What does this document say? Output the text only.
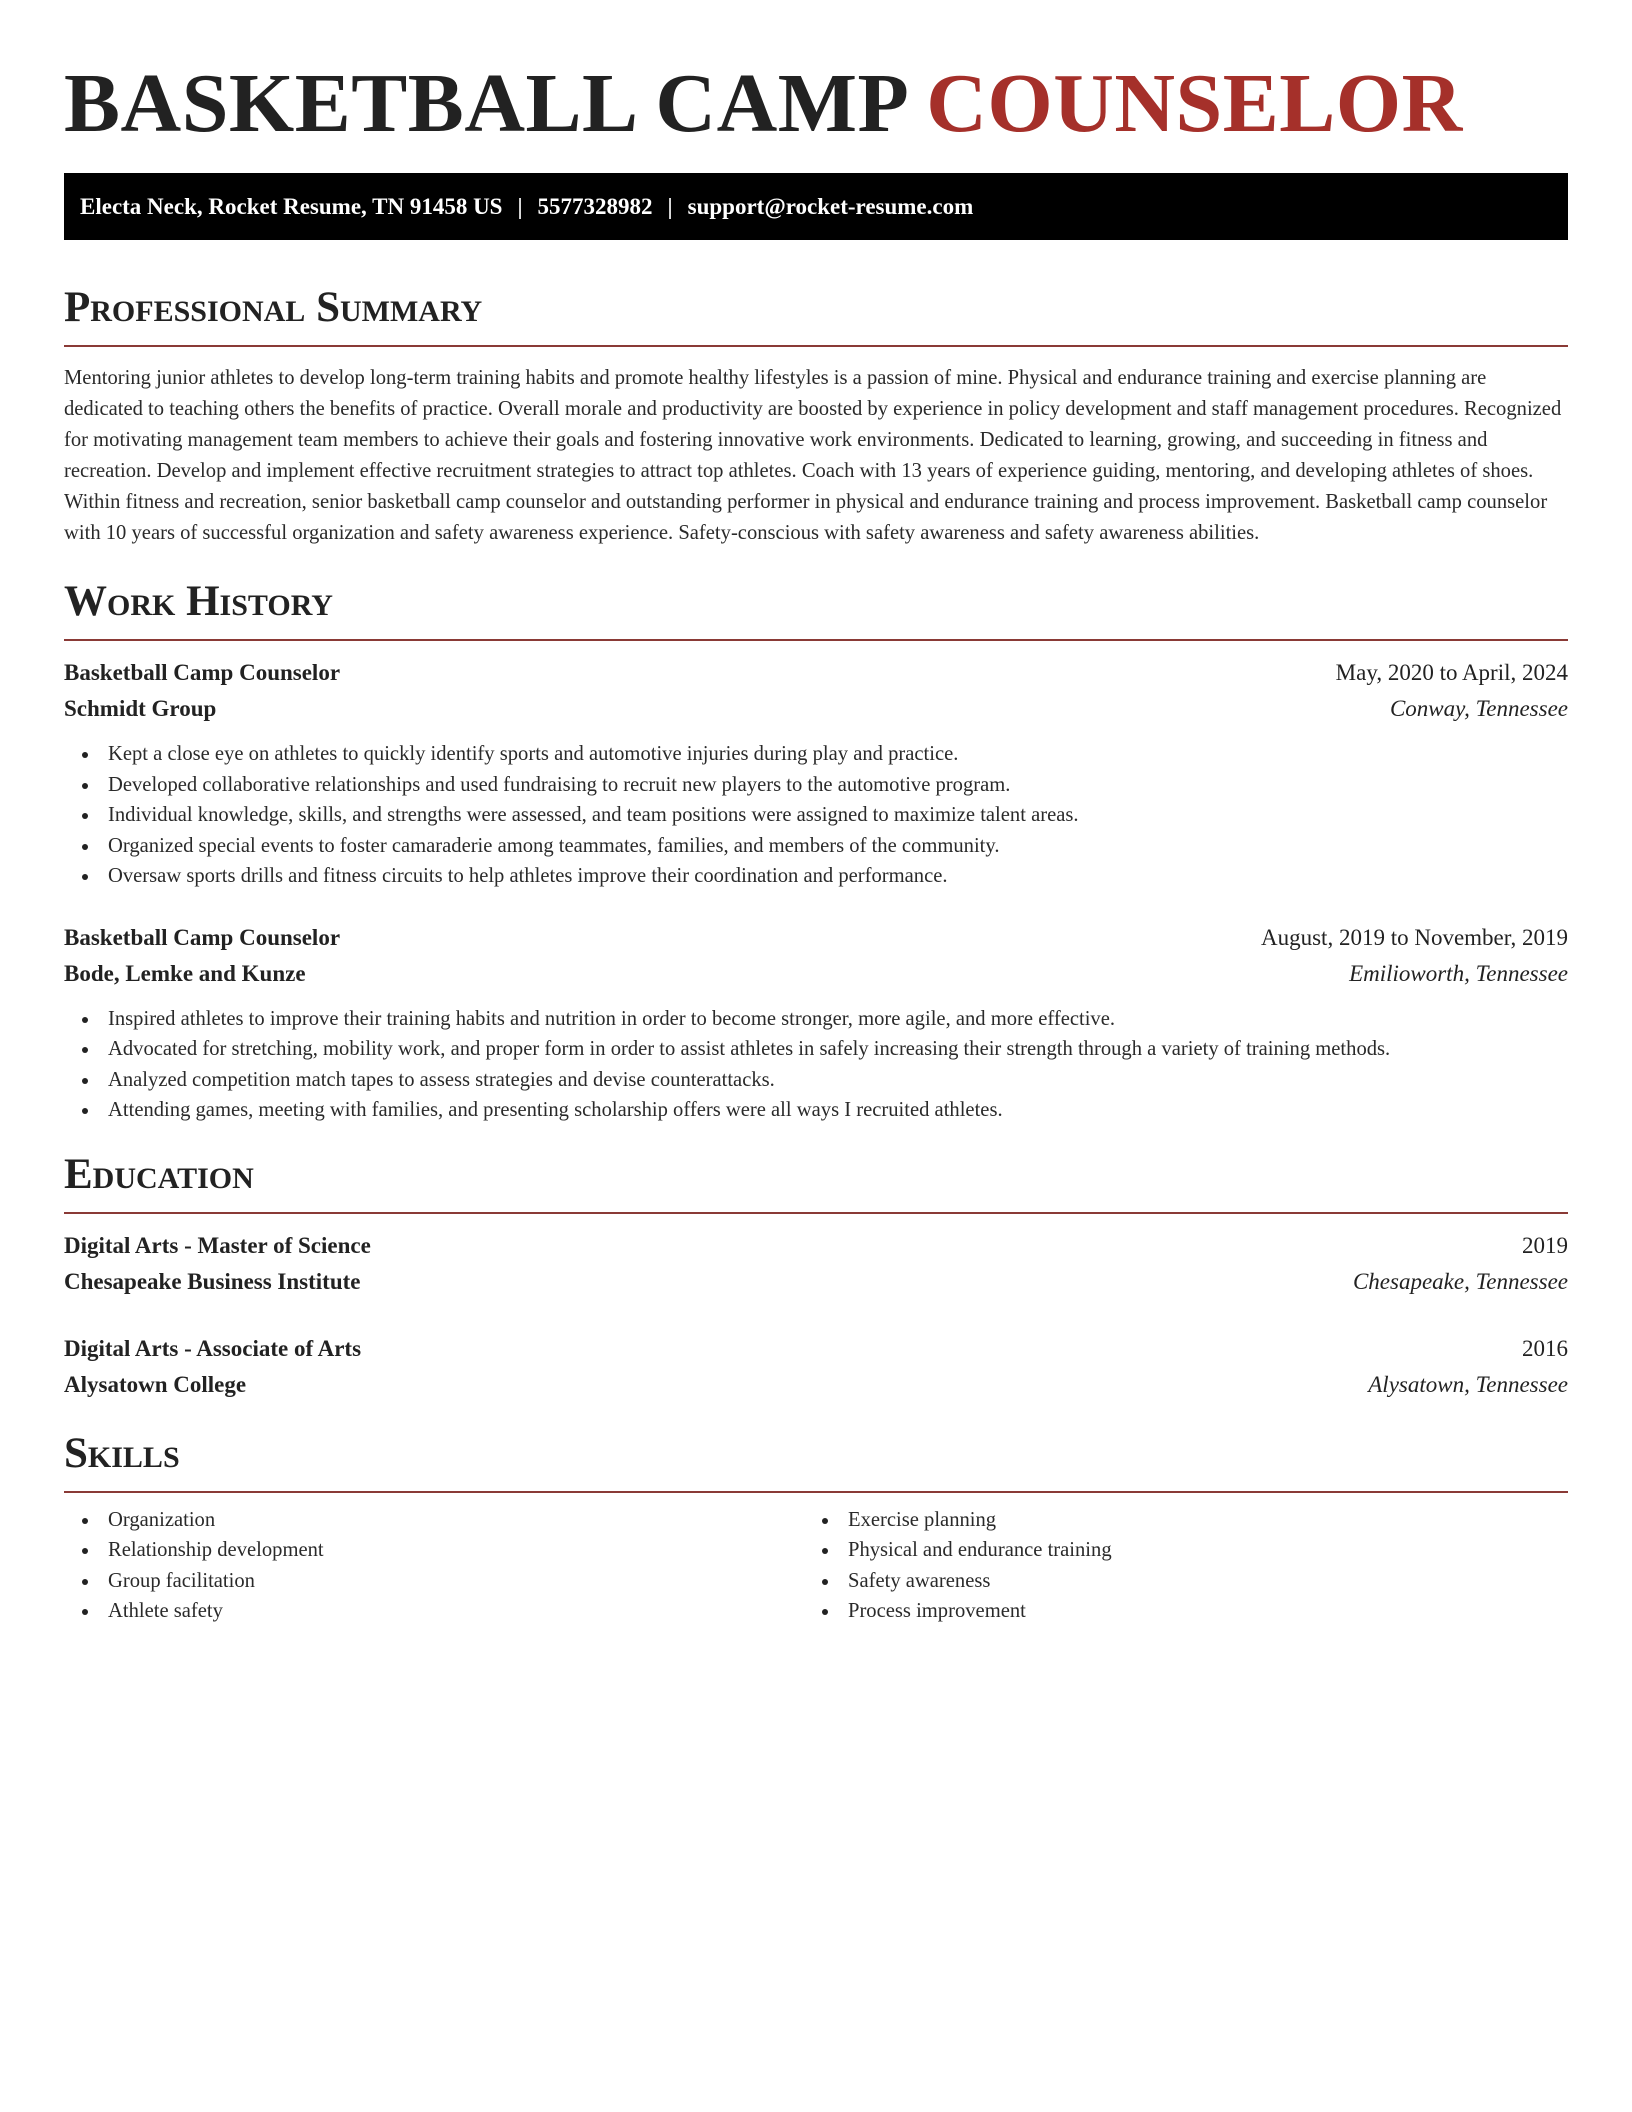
BASKETBALL CAMP COUNSELOR
Electa Neck, Rocket Resume, TN 91458 US | 5577328982 | support@rocket-resume.com
Professional Summary

Mentoring junior athletes to develop long-term training habits and promote healthy lifestyles is a passion of mine. Physical and endurance training and exercise planning are dedicated to teaching others the benefits of practice. Overall morale and productivity are boosted by experience in policy development and staff management procedures. Recognized for motivating management team members to achieve their goals and fostering innovative work environments. Dedicated to learning, growing, and succeeding in fitness and recreation. Develop and implement effective recruitment strategies to attract top athletes. Coach with 13 years of experience guiding, mentoring, and developing athletes of shoes. Within fitness and recreation, senior basketball camp counselor and outstanding performer in physical and endurance training and process improvement. Basketball camp counselor with 10 years of successful organization and safety awareness experience. Safety-conscious with safety awareness and safety awareness abilities.

Work History
Basketball Camp Counselor	May, 2020 to April, 2024
Schmidt Group	Conway, Tennessee
Kept a close eye on athletes to quickly identify sports and automotive injuries during play and practice.
Developed collaborative relationships and used fundraising to recruit new players to the automotive program.
Individual knowledge, skills, and strengths were assessed, and team positions were assigned to maximize talent areas.
Organized special events to foster camaraderie among teammates, families, and members of the community.
Oversaw sports drills and fitness circuits to help athletes improve their coordination and performance.
Basketball Camp Counselor	August, 2019 to November, 2019
Bode, Lemke and Kunze	Emilioworth, Tennessee
Inspired athletes to improve their training habits and nutrition in order to become stronger, more agile, and more effective.
Advocated for stretching, mobility work, and proper form in order to assist athletes in safely increasing their strength through a variety of training methods.
Analyzed competition match tapes to assess strategies and devise counterattacks.
Attending games, meeting with families, and presenting scholarship offers were all ways I recruited athletes.
Education
Digital Arts - Master of Science	2019
Chesapeake Business Institute	Chesapeake, Tennessee
Digital Arts - Associate of Arts	2016
Alysatown College	Alysatown, Tennessee
Skills
Organization
Relationship development
Group facilitation
Athlete safety
Exercise planning
Physical and endurance training
Safety awareness
Process improvement
